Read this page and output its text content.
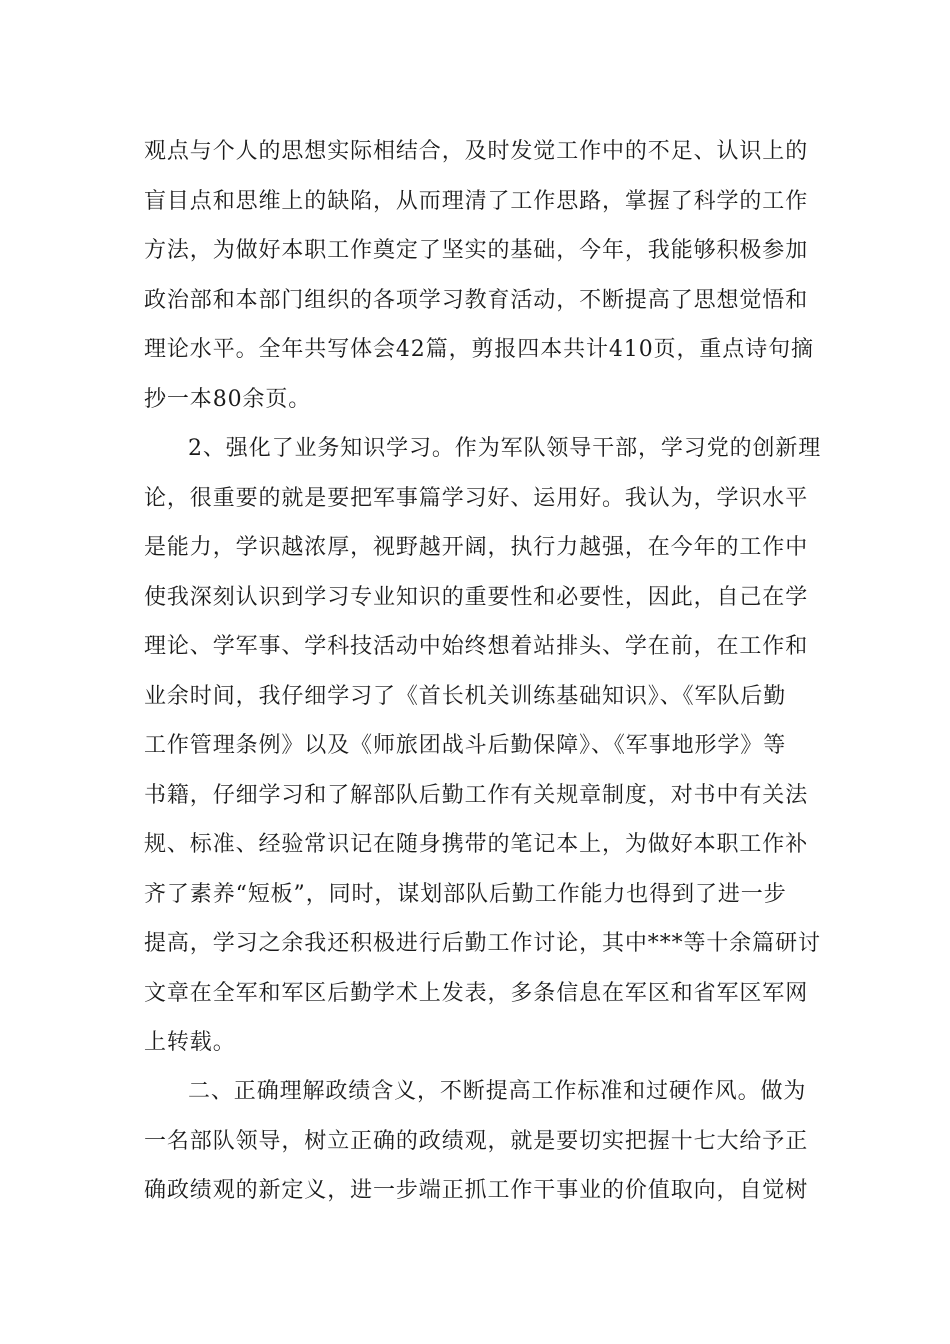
观点与个人的思想实际相结合，及时发觉工作中的不足、认识上的
盲目点和思维上的缺陷，从而理清了工作思路，掌握了科学的工作
方法，为做好本职工作奠定了坚实的基础，今年，我能够积极参加
政治部和本部门组织的各项学习教育活动，不断提高了思想觉悟和
理论水平。全年共写体会42篇，剪报四本共计410页，重点诗句摘
抄一本80余页。
2、强化了业务知识学习。作为军队领导干部，学习党的创新理
论，很重要的就是要把军事篇学习好、运用好。我认为，学识水平
是能力，学识越浓厚，视野越开阔，执行力越强，在今年的工作中
使我深刻认识到学习专业知识的重要性和必要性，因此，自己在学
理论、学军事、学科技活动中始终想着站排头、学在前，在工作和
业余时间，我仔细学习了《首长机关训练基础知识》、《军队后勤
工作管理条例》以及《师旅团战斗后勤保障》、《军事地形学》等
书籍，仔细学习和了解部队后勤工作有关规章制度，对书中有关法
规、标准、经验常识记在随身携带的笔记本上，为做好本职工作补
齐了素养“短板”，同时，谋划部队后勤工作能力也得到了进一步
提高，学习之余我还积极进行后勤工作讨论，其中***等十余篇研讨
文章在全军和军区后勤学术上发表，多条信息在军区和省军区军网
上转载。
二、正确理解政绩含义，不断提高工作标准和过硬作风。做为
一名部队领导，树立正确的政绩观，就是要切实把握十七大给予正
确政绩观的新定义，进一步端正抓工作干事业的价值取向，自觉树
